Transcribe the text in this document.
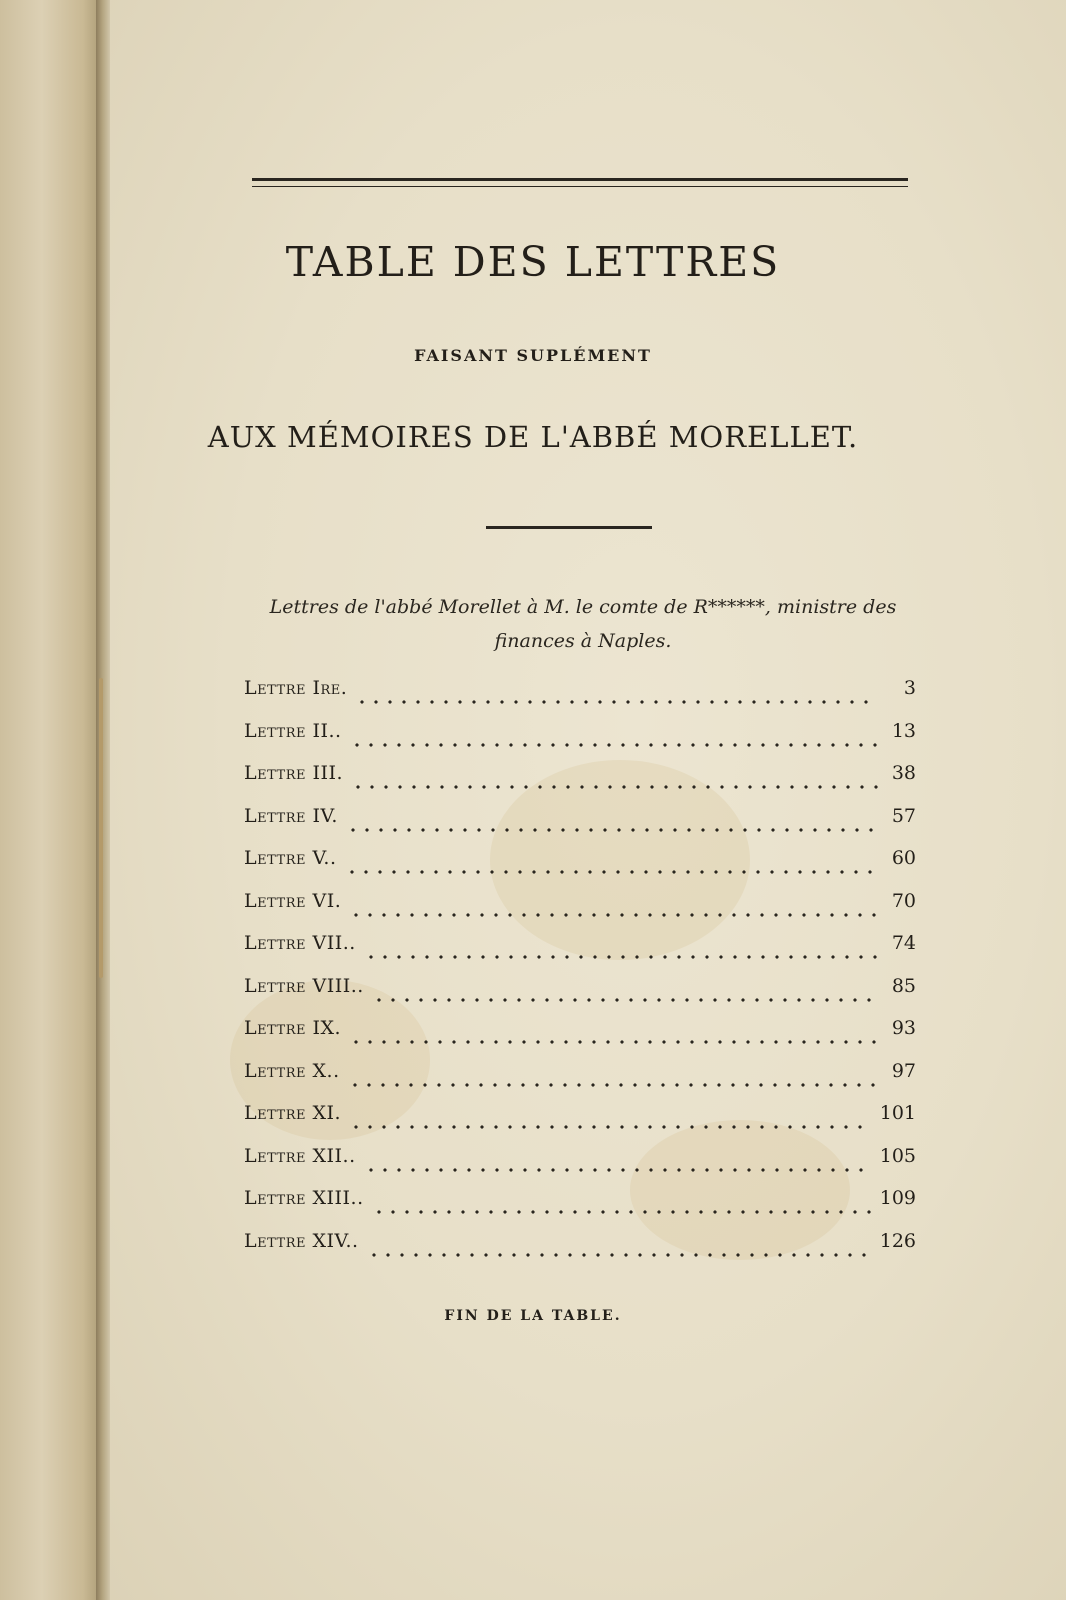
TABLE DES LETTRES
FAISANT SUPLÉMENT
AUX MÉMOIRES DE L'ABBÉ MORELLET.
Lettres de l'abbé Morellet à M. le comte de R******, ministre des finances à Naples.
Lettre Ire.	3
Lettre II..	13
Lettre III.	38
Lettre IV.	57
Lettre V..	60
Lettre VI.	70
Lettre VII..	74
Lettre VIII..	85
Lettre IX.	93
Lettre X..	97
Lettre XI.	101
Lettre XII..	105
Lettre XIII..	109
Lettre XIV..	126
FIN DE LA TABLE.
